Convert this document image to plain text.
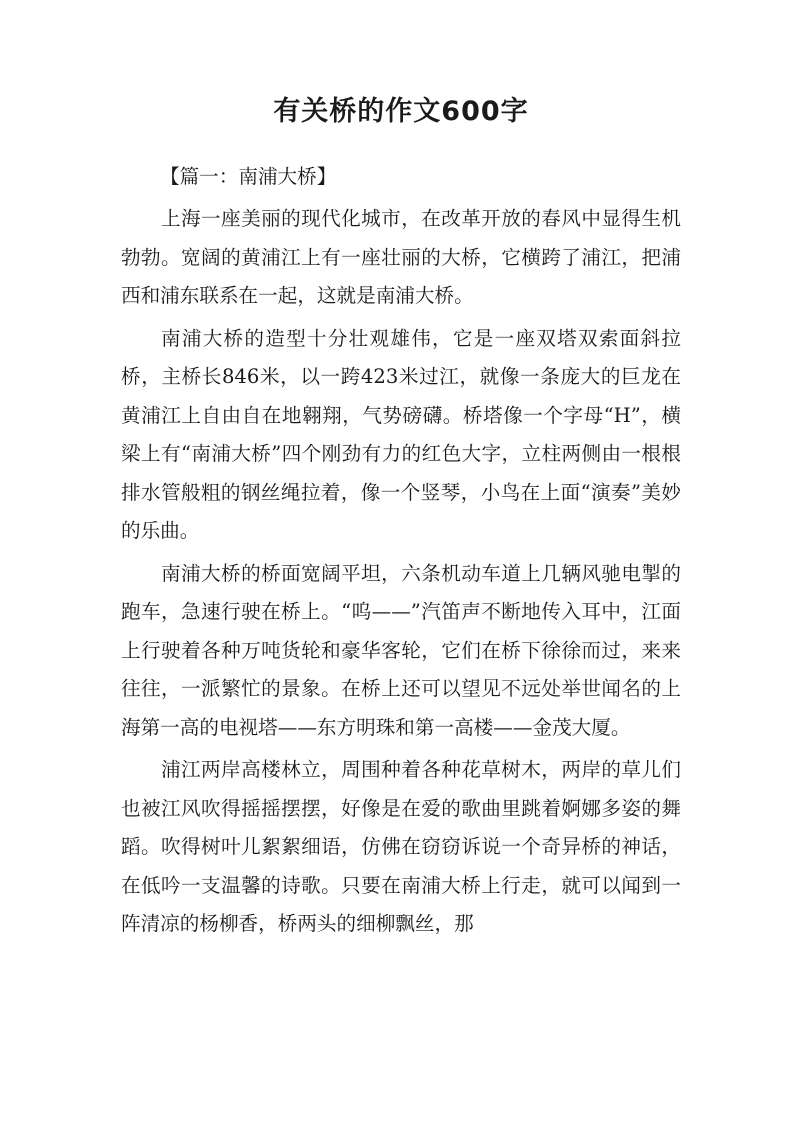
有关桥的作文600字

【篇一：南浦大桥】

上海一座美丽的现代化城市，在改革开放的春风中显得生机勃勃。宽阔的黄浦江上有一座壮丽的大桥，它横跨了浦江，把浦西和浦东联系在一起，这就是南浦大桥。

南浦大桥的造型十分壮观雄伟，它是一座双塔双索面斜拉桥，主桥长846米，以一跨423米过江，就像一条庞大的巨龙在黄浦江上自由自在地翱翔，气势磅礴。桥塔像一个字母“H”，横梁上有“南浦大桥”四个刚劲有力的红色大字，立柱两侧由一根根排水管般粗的钢丝绳拉着，像一个竖琴，小鸟在上面“演奏”美妙的乐曲。

南浦大桥的桥面宽阔平坦，六条机动车道上几辆风驰电掣的跑车，急速行驶在桥上。“呜——”汽笛声不断地传入耳中，江面上行驶着各种万吨货轮和豪华客轮，它们在桥下徐徐而过，来来往往，一派繁忙的景象。在桥上还可以望见不远处举世闻名的上海第一高的电视塔——东方明珠和第一高楼——金茂大厦。

浦江两岸高楼林立，周围种着各种花草树木，两岸的草儿们也被江风吹得摇摇摆摆，好像是在爱的歌曲里跳着婀娜多姿的舞蹈。吹得树叶儿絮絮细语，仿佛在窃窃诉说一个奇异桥的神话，在低吟一支温馨的诗歌。只要在南浦大桥上行走，就可以闻到一阵清凉的杨柳香，桥两头的细柳飘丝，那
